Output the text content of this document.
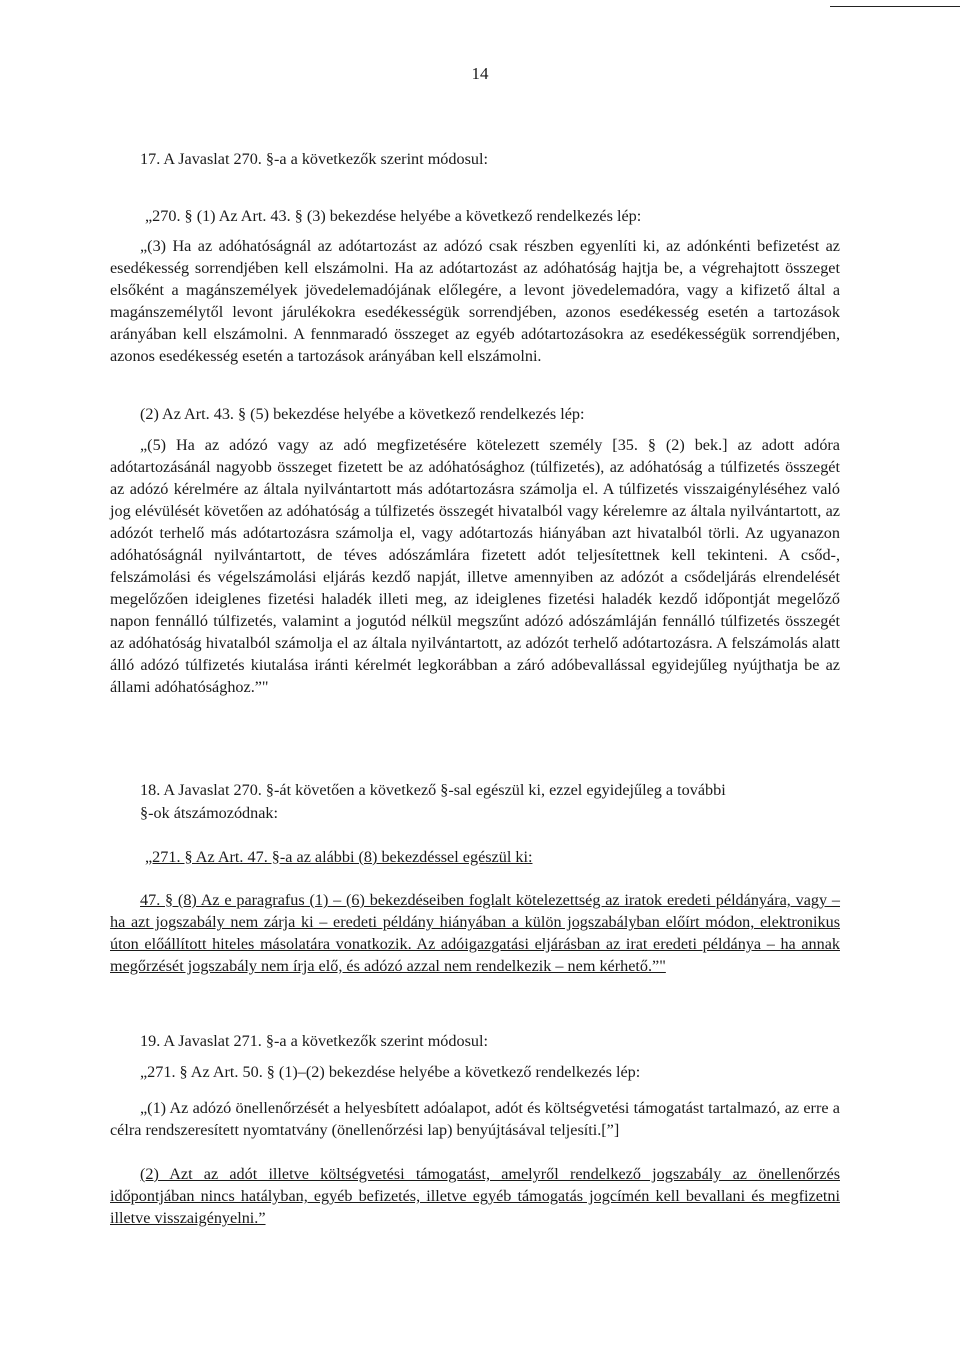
14

17. A Javaslat 270. §-a a következők szerint módosul:

„270. § (1) Az Art. 43. § (3) bekezdése helyébe a következő rendelkezés lép:

„(3) Ha az adóhatóságnál az adótartozást az adózó csak részben egyenlíti ki, az adónkénti befizetést az esedékesség sorrendjében kell elszámolni. Ha az adótartozást az adóhatóság hajtja be, a végrehajtott összeget elsőként a magánszemélyek jövedelemadójának előlegére, a levont jövedelemadóra, vagy a kifizető által a magánszemélytől levont járulékokra esedékességük sorrendjében, azonos esedékesség esetén a tartozások arányában kell elszámolni. A fennmaradó összeget az egyéb adótartozásokra az esedékességük sorrendjében, azonos esedékesség esetén a tartozások arányában kell elszámolni.

(2) Az Art. 43. § (5) bekezdése helyébe a következő rendelkezés lép:

„(5) Ha az adózó vagy az adó megfizetésére kötelezett személy [35. § (2) bek.] az adott adóra adótartozásánál nagyobb összeget fizetett be az adóhatósághoz (túlfizetés), az adóhatóság a túlfizetés összegét az adózó kérelmére az általa nyilvántartott más adótartozásra számolja el. A túlfizetés visszaigényléséhez való jog elévülését követően az adóhatóság a túlfizetés összegét hivatalból vagy kérelemre az általa nyilvántartott, az adózót terhelő más adótartozásra számolja el, vagy adótartozás hiányában azt hivatalból törli. Az ugyanazon adóhatóságnál nyilvántartott, de téves adószámlára fizetett adót teljesítettnek kell tekinteni. A csőd-, felszámolási és végelszámolási eljárás kezdő napját, illetve amennyiben az adózót a csődeljárás elrendelését megelőzően ideiglenes fizetési haladék illeti meg, az ideiglenes fizetési haladék kezdő időpontját megelőző napon fennálló túlfizetés, valamint a jogutód nélkül megszűnt adózó adószámláján fennálló túlfizetés összegét az adóhatóság hivatalból számolja el az általa nyilvántartott, az adózót terhelő adótartozásra. A felszámolás alatt álló adózó túlfizetés kiutalása iránti kérelmét legkorábban a záró adóbevallással egyidejűleg nyújthatja be az állami adóhatósághoz.”"

18. A Javaslat 270. §-át követően a következő §-sal egészül ki, ezzel egyidejűleg a további

§-ok átszámozódnak:

„271. § Az Art. 47. §-a az alábbi (8) bekezdéssel egészül ki:

47. § (8) Az e paragrafus (1) – (6) bekezdéseiben foglalt kötelezettség az iratok eredeti példányára, vagy – ha azt jogszabály nem zárja ki – eredeti példány hiányában a külön jogszabályban előírt módon, elektronikus úton előállított hiteles másolatára vonatkozik. Az adóigazgatási eljárásban az irat eredeti példánya – ha annak megőrzését jogszabály nem írja elő, és adózó azzal nem rendelkezik – nem kérhető.”"

19. A Javaslat 271. §-a a következők szerint módosul:

„271. § Az Art. 50. § (1)–(2) bekezdése helyébe a következő rendelkezés lép:

„(1) Az adózó önellenőrzését a helyesbített adóalapot, adót és költségvetési támogatást tartalmazó, az erre a célra rendszeresített nyomtatvány (önellenőrzési lap) benyújtásával teljesíti.[”]

(2) Azt az adót illetve költségvetési támogatást, amelyről rendelkező jogszabály az önellenőrzés időpontjában nincs hatályban, egyéb befizetés, illetve egyéb támogatás jogcímén kell bevallani és megfizetni illetve visszaigényelni.”
